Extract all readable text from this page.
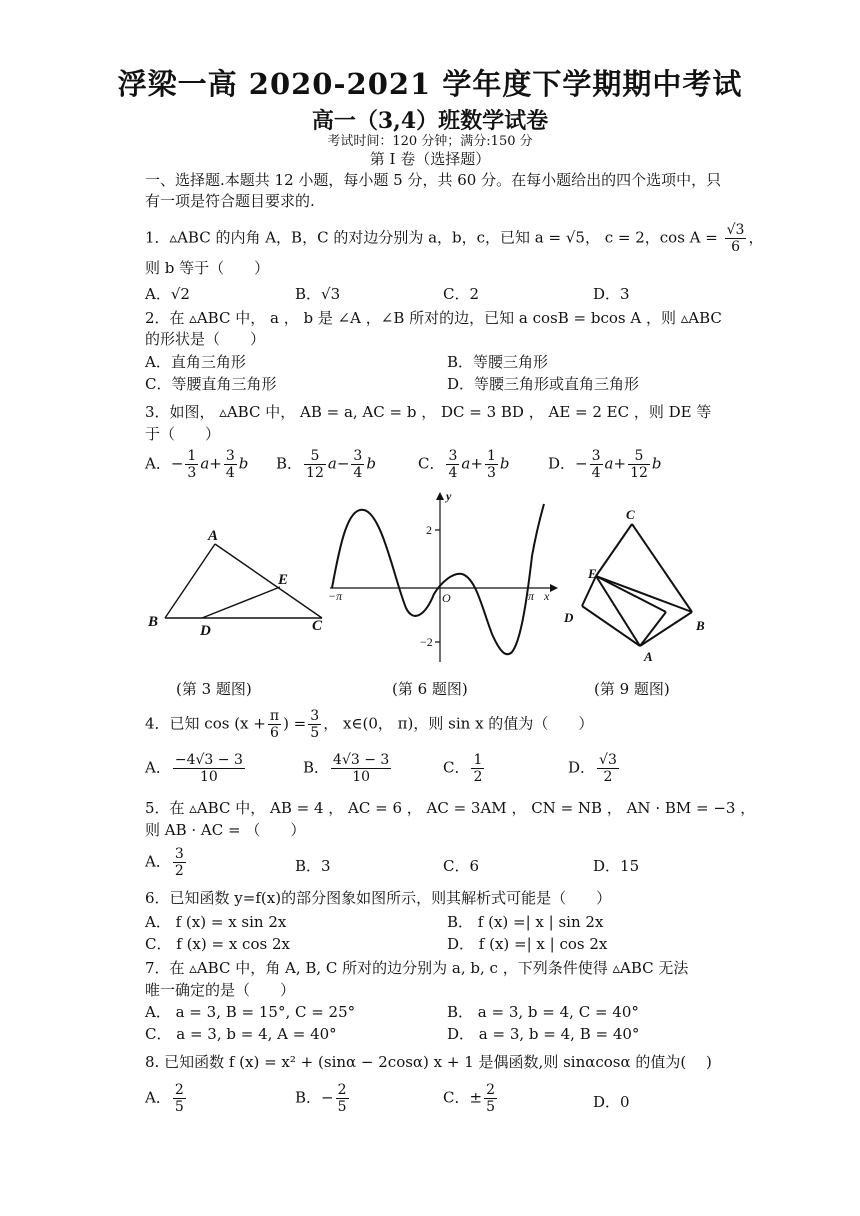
浮梁一高 2020-2021 学年度下学期期中考试
高一（3,4）班数学试卷
考试时间：120 分钟；满分:150 分
第 I 卷（选择题）
一、选择题.本题共 12 小题，每小题 5 分，共 60 分。在每小题给出的四个选项中，只
有一项是符合题目要求的.
1．▵ABC 的内角 A，B，C 的对边分别为 a，b，c，已知 a = √5， c = 2，$\cos A = \frac{√3}{6}$ ，
则 b 等于（　　）
A．√2	B．√3	C．2	D．3
2．在 ▵ABC 中， a ， b 是 ∠A ，∠B 所对的边，已知 a cosB = bcos A ，则 ▵ABC
的形状是（　　）
A．直角三角形	B．等腰三角形
C．等腰直角三角形	D．等腰三角形或直角三角形
3．如图， ▵ABC 中， AB = a, AC = b ， DC = 3 BD ， AE = 2 EC ，则 DE 等
于（　　）
A．− $\frac{1}{3} a+ \frac{3}{4}$ b B． $\frac{5}{12} a- \frac{3}{4}$ b	C． $\frac{3}{4} a+ \frac{1}{3}$ b	D．− $\frac{3}{4} a+ \frac{5}{12}$ b
A
B
D
E
C
y
2
−2
−π	O	π x
C
E
D
B
A
(第 3 题图)	(第 6 题图)	(第 9 题图)
4．已知 $\cos (x + \frac{\pi}{6}$ ) = $\frac{3}{5}$ ， x∈(0， π)，则 sin x 的值为（　　）
A． $\frac{-4√3 - 3}{10}$	B． $\frac{4√3 - 3}{10}$	C． $\frac{1}{2}$	D． $\frac{√3}{2}$
5．在 ▵ABC 中， AB = 4 ， AC = 6 ， AC = 3AM ， CN = NB ， AN · BM = −3 ，
则 AB · AC = （　　）
A． $\frac{3}{2}$	B．3	C．6	D．15
6．已知函数 y=f(x)的部分图象如图所示，则其解析式可能是（　　）
A． f (x) = x sin 2x	B． f (x) =| x | sin 2x
C． f (x) = x cos 2x	D． f (x) =| x | cos 2x
7．在 ▵ABC 中，角 A, B, C 所对的边分别为 a, b, c ，下列条件使得 ▵ABC 无法
唯一确定的是（　　）
A． a = 3, B = 15°, C = 25°	B． a = 3, b = 4, C = 40°
C． a = 3, b = 4, A = 40°	D． a = 3, b = 4, B = 40°
8. 已知函数 f (x) = x² + (sinα − 2cosα) x + 1 是偶函数,则 sinαcosα 的值为(　 )
A． $\frac{2}{5}$	B．− $\frac{2}{5}$	C．± $\frac{2}{5}$	D．0
